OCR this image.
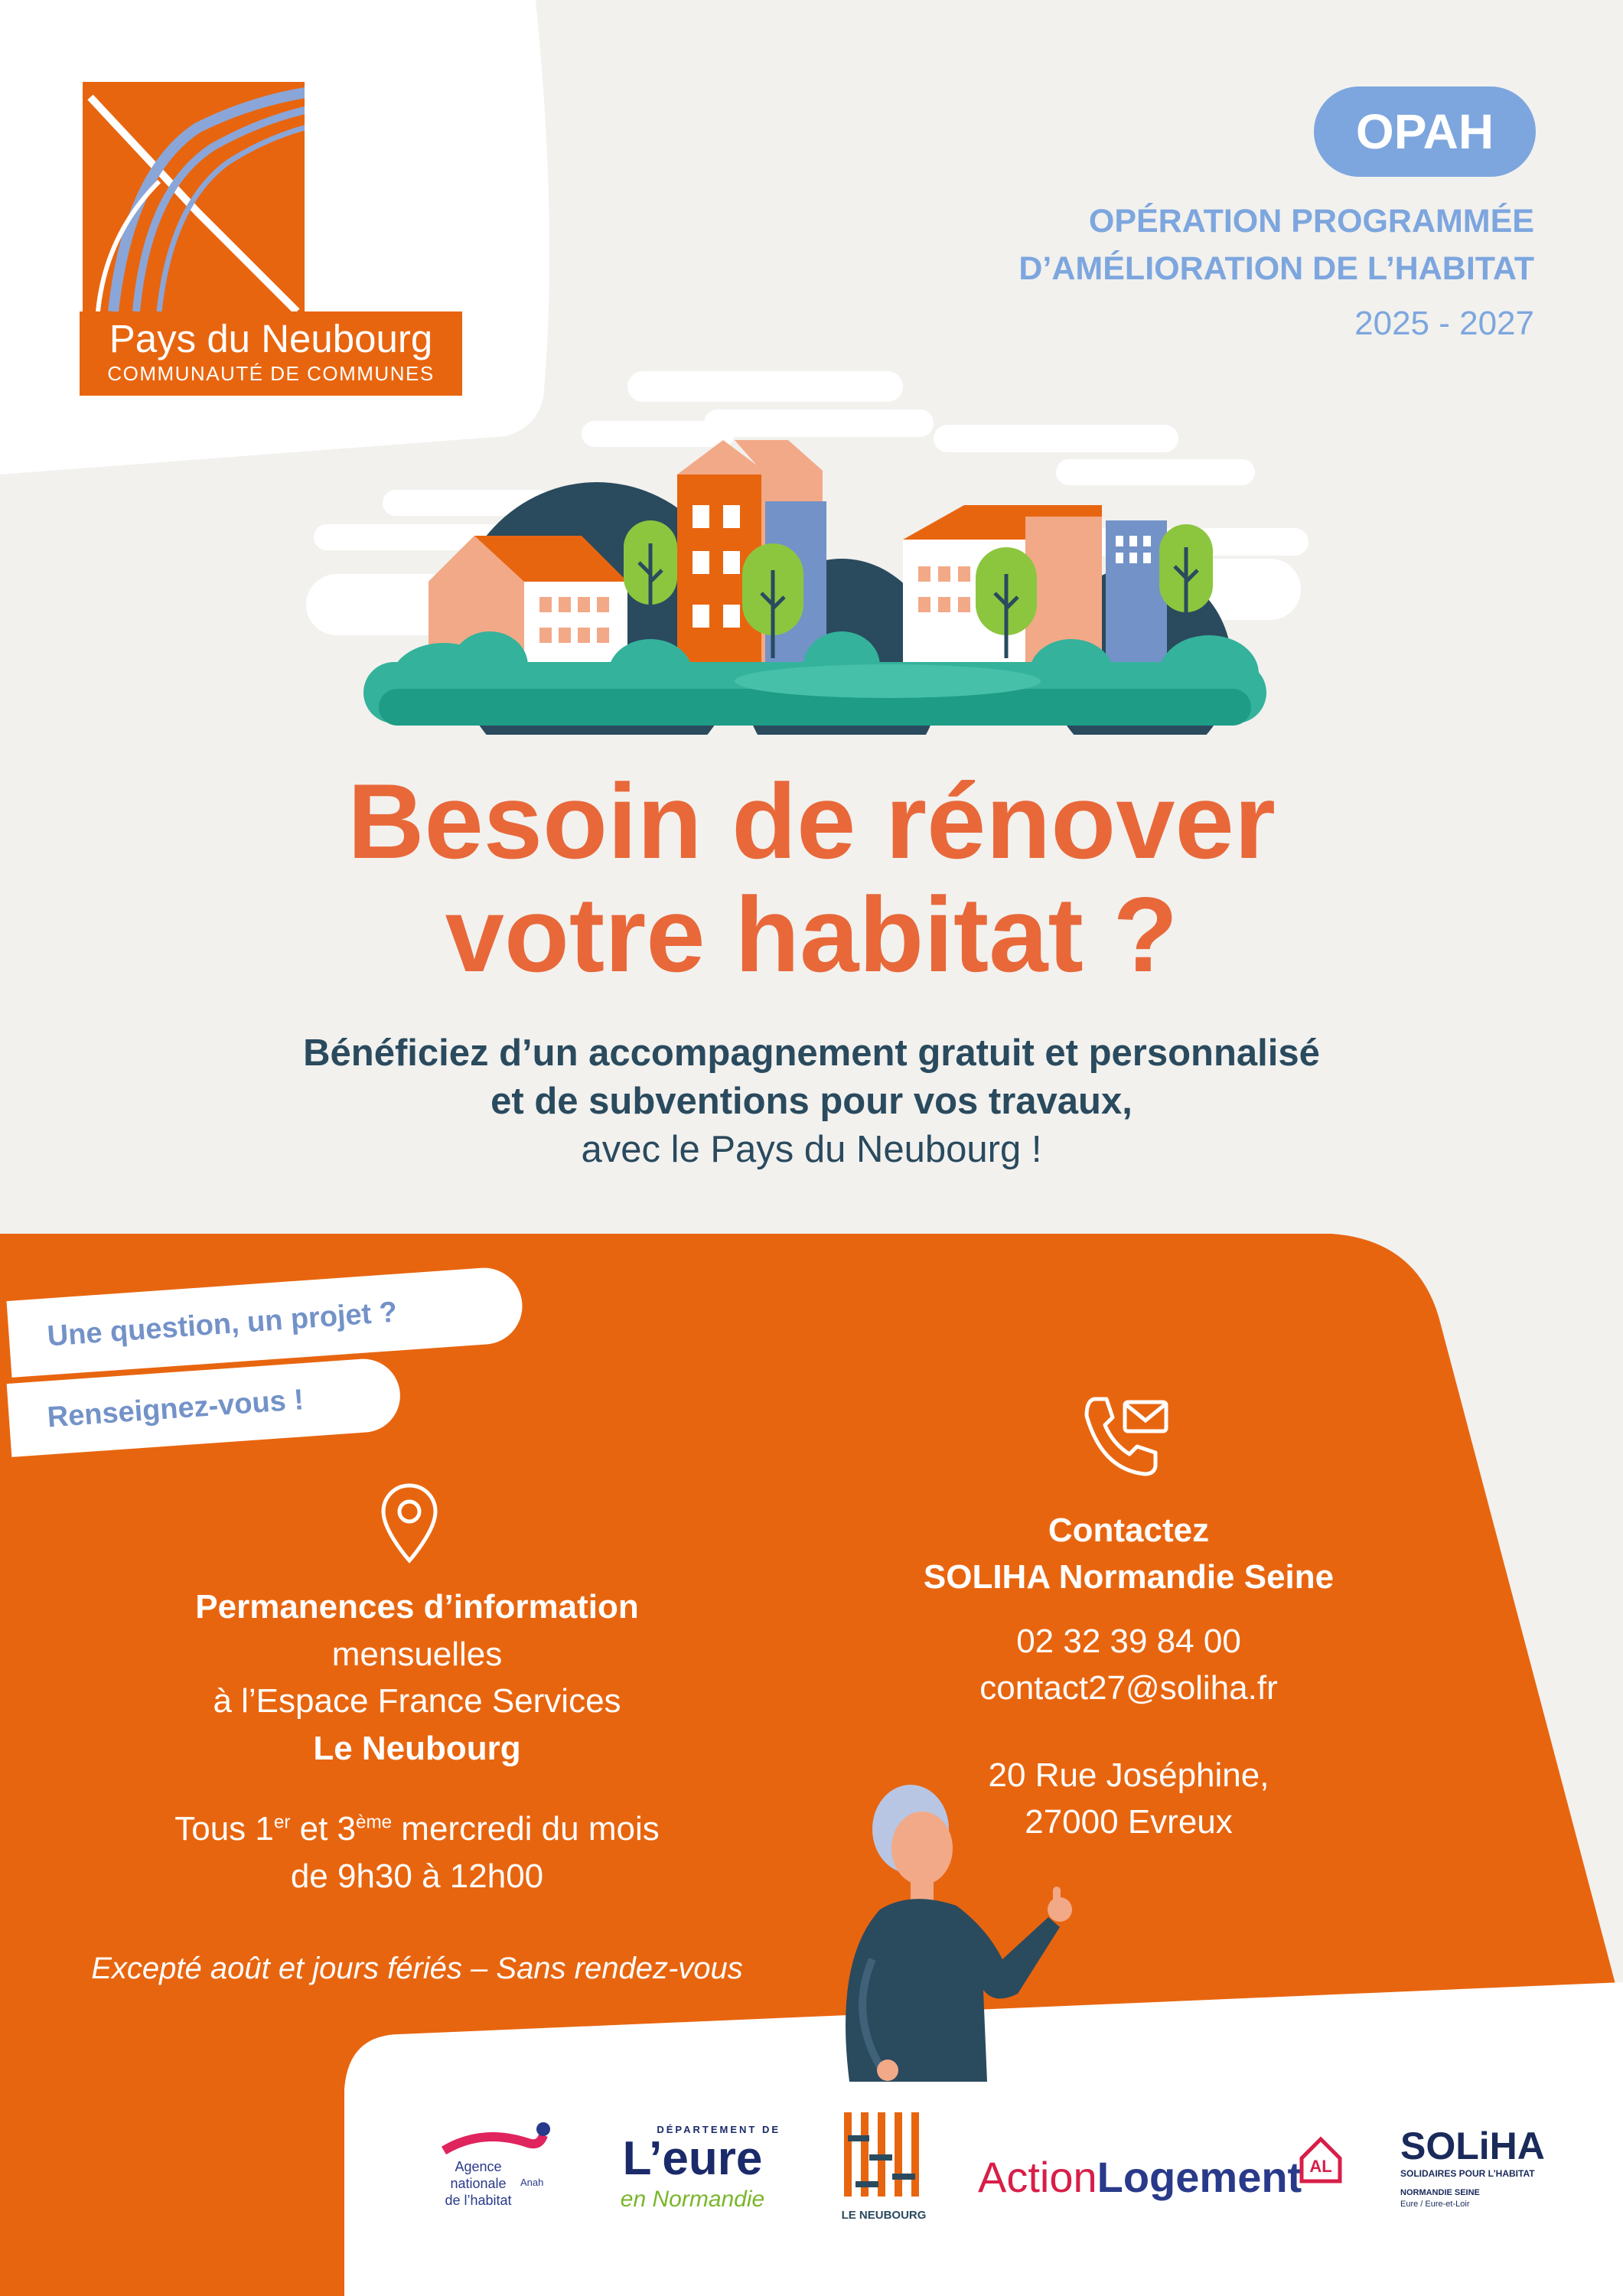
Pays du Neubourg
COMMUNAUTÉ DE COMMUNES
OPAH
OPÉRATION PROGRAMMÉE
D’AMÉLIORATION DE L’HABITAT
2025 - 2027
Besoin de rénover
votre habitat ?
Bénéficiez d’un accompagnement gratuit et personnalisé
et de subventions pour vos travaux,
avec le Pays du Neubourg !
Une question, un projet ?
Renseignez-vous !
Permanences d’information
mensuelles
à l’Espace France Services
Le Neubourg
Tous 1er et 3ème mercredi du mois
de 9h30 à 12h00
Excepté août et jours fériés – Sans rendez-vous
Contactez
SOLIHA Normandie Seine
02 32 39 84 00
contact27@soliha.fr
20 Rue Joséphine,
27000 Evreux
Agence
nationale
de l’habitat
Anah
DÉPARTEMENT DE
L’eure
en Normandie
LE NEUBOURG
ActionLogement AL SOLiHA
SOLIDAIRES POUR L’HABITAT
NORMANDIE SEINE
Eure / Eure-et-Loir
